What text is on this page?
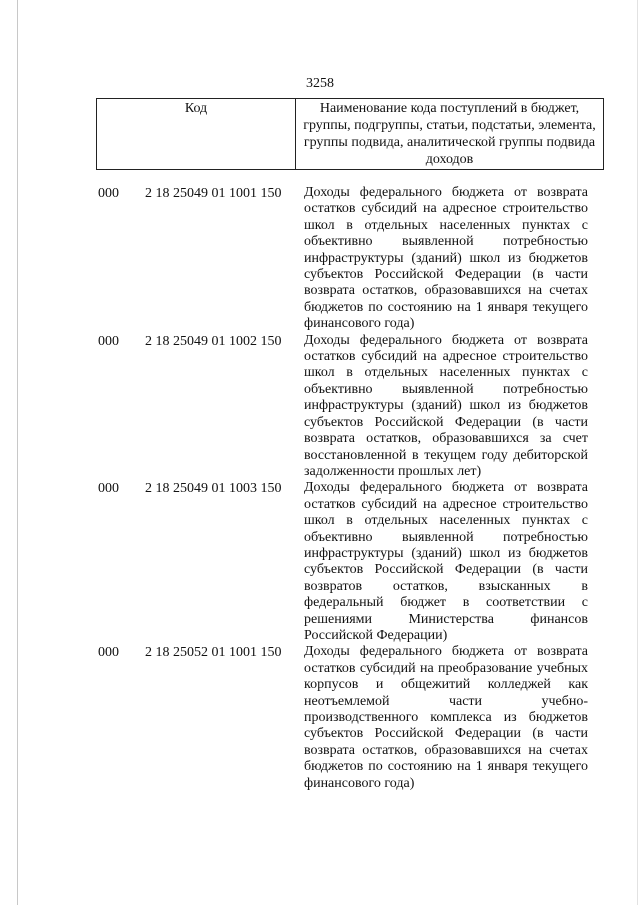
3258
Код	Наименование кода поступлений в бюджет, группы, подгруппы, статьи, подстатьи, элемента, группы подвида, аналитической группы подвида доходов
000 2 18 25049 01 1001 150 Доходы федерального бюджета от возврата остатков субсидий на адресное строительство школ в отдельных населенных пунктах с объективно выявленной потребностью инфраструктуры (зданий) школ из бюджетов субъектов Российской Федерации (в части возврата остатков, образовавшихся на счетах бюджетов по состоянию на 1 января текущего финансового года)
000 2 18 25049 01 1002 150 Доходы федерального бюджета от возврата остатков субсидий на адресное строительство школ в отдельных населенных пунктах с объективно выявленной потребностью инфраструктуры (зданий) школ из бюджетов субъектов Российской Федерации (в части возврата остатков, образовавшихся за счет восстановленной в текущем году дебиторской задолженности прошлых лет)
000 2 18 25049 01 1003 150 Доходы федерального бюджета от возврата остатков субсидий на адресное строительство школ в отдельных населенных пунктах с объективно выявленной потребностью инфраструктуры (зданий) школ из бюджетов субъектов Российской Федерации (в части возвратов остатков, взысканных в федеральный бюджет в соответствии с решениями Министерства финансов Российской Федерации)
000 2 18 25052 01 1001 150 Доходы федерального бюджета от возврата остатков субсидий на преобразование учебных корпусов и общежитий колледжей как неотъемлемой части учебно-производственного комплекса из бюджетов субъектов Российской Федерации (в части возврата остатков, образовавшихся на счетах бюджетов по состоянию на 1 января текущего финансового года)
